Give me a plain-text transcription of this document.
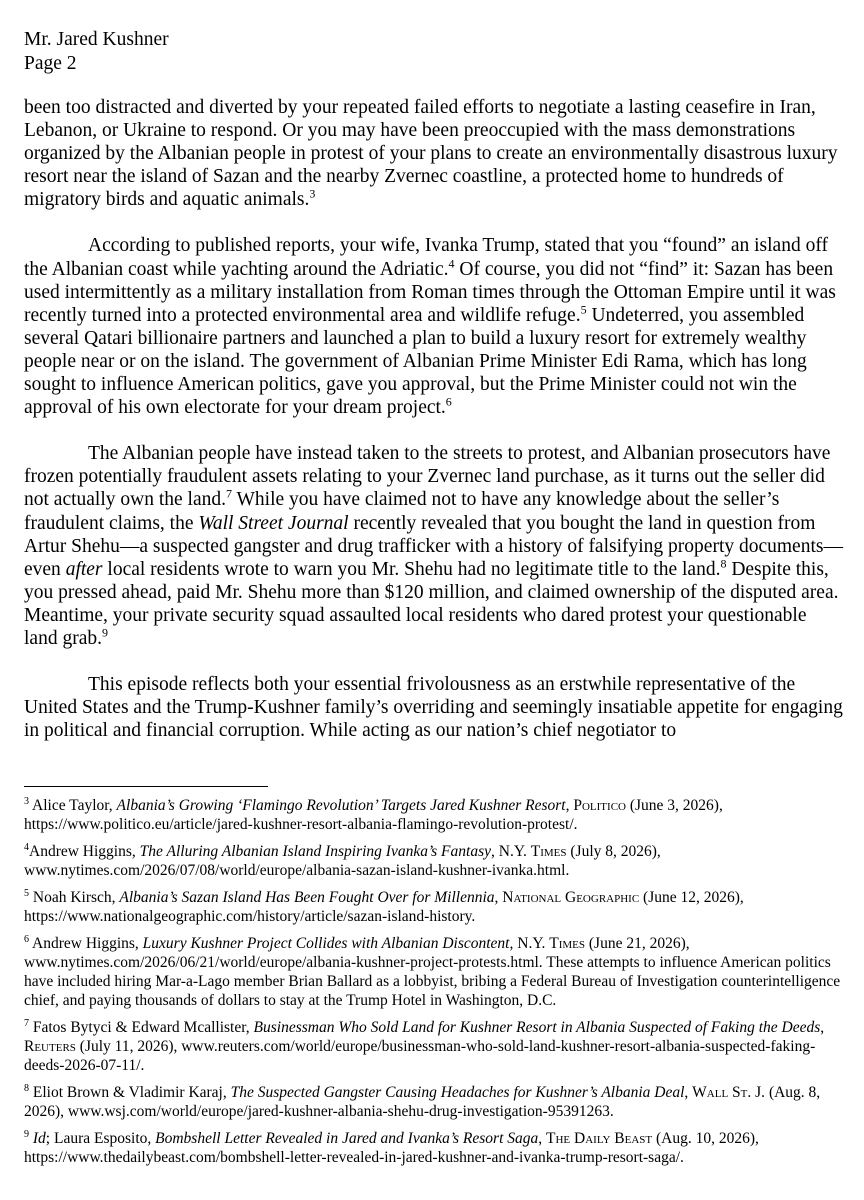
Mr. Jared Kushner
Page 2

been too distracted and diverted by your repeated failed efforts to negotiate a lasting ceasefire in Iran, Lebanon, or Ukraine to respond. Or you may have been preoccupied with the mass demonstrations organized by the Albanian people in protest of your plans to create an environmentally disastrous luxury resort near the island of Sazan and the nearby Zvernec coastline, a protected home to hundreds of migratory birds and aquatic animals.$^3$

According to published reports, your wife, Ivanka Trump, stated that you “found” an island off the Albanian coast while yachting around the Adriatic.$^4$ Of course, you did not “find” it: Sazan has been used intermittently as a military installation from Roman times through the Ottoman Empire until it was recently turned into a protected environmental area and wildlife refuge.$^5$ Undeterred, you assembled several Qatari billionaire partners and launched a plan to build a luxury resort for extremely wealthy people near or on the island. The government of Albanian Prime Minister Edi Rama, which has long sought to influence American politics, gave you approval, but the Prime Minister could not win the approval of his own electorate for your dream project.$^6$

The Albanian people have instead taken to the streets to protest, and Albanian prosecutors have frozen potentially fraudulent assets relating to your Zvernec land purchase, as it turns out the seller did not actually own the land.$^7$ While you have claimed not to have any knowledge about the seller’s fraudulent claims, the Wall Street Journal recently revealed that you bought the land in question from Artur Shehu—a suspected gangster and drug trafficker with a history of falsifying property documents—even after local residents wrote to warn you Mr. Shehu had no legitimate title to the land.$^8$ Despite this, you pressed ahead, paid Mr. Shehu more than $120 million, and claimed ownership of the disputed area. Meantime, your private security squad assaulted local residents who dared protest your questionable land grab.$^9$

This episode reflects both your essential frivolousness as an erstwhile representative of the United States and the Trump-Kushner family’s overriding and seemingly insatiable appetite for engaging in political and financial corruption. While acting as our nation’s chief negotiator to

$^3$ Alice Taylor, Albania’s Growing ‘Flamingo Revolution’ Targets Jared Kushner Resort, Politico (June 3, 2026), https://www.politico.eu/article/jared-kushner-resort-albania-flamingo-revolution-protest/.

$^4$Andrew Higgins, The Alluring Albanian Island Inspiring Ivanka’s Fantasy, N.Y. Times (July 8, 2026), www.nytimes.com/2026/07/08/world/europe/albania-sazan-island-kushner-ivanka.html.

$^5$ Noah Kirsch, Albania’s Sazan Island Has Been Fought Over for Millennia, National Geographic (June 12, 2026), https://www.nationalgeographic.com/history/article/sazan-island-history.

$^6$ Andrew Higgins, Luxury Kushner Project Collides with Albanian Discontent, N.Y. Times (June 21, 2026), www.nytimes.com/2026/06/21/world/europe/albania-kushner-project-protests.html. These attempts to influence American politics have included hiring Mar-a-Lago member Brian Ballard as a lobbyist, bribing a Federal Bureau of Investigation counterintelligence chief, and paying thousands of dollars to stay at the Trump Hotel in Washington, D.C.

$^7$ Fatos Bytyci & Edward Mcallister, Businessman Who Sold Land for Kushner Resort in Albania Suspected of Faking the Deeds, Reuters (July 11, 2026), www.reuters.com/world/europe/businessman-who-sold-land-kushner-resort-albania-suspected-faking-deeds-2026-07-11/.

$^8$ Eliot Brown & Vladimir Karaj, The Suspected Gangster Causing Headaches for Kushner’s Albania Deal, Wall St. J. (Aug. 8, 2026), www.wsj.com/world/europe/jared-kushner-albania-shehu-drug-investigation-95391263.

$^9$ Id; Laura Esposito, Bombshell Letter Revealed in Jared and Ivanka’s Resort Saga, The Daily Beast (Aug. 10, 2026), https://www.thedailybeast.com/bombshell-letter-revealed-in-jared-kushner-and-ivanka-trump-resort-saga/.
